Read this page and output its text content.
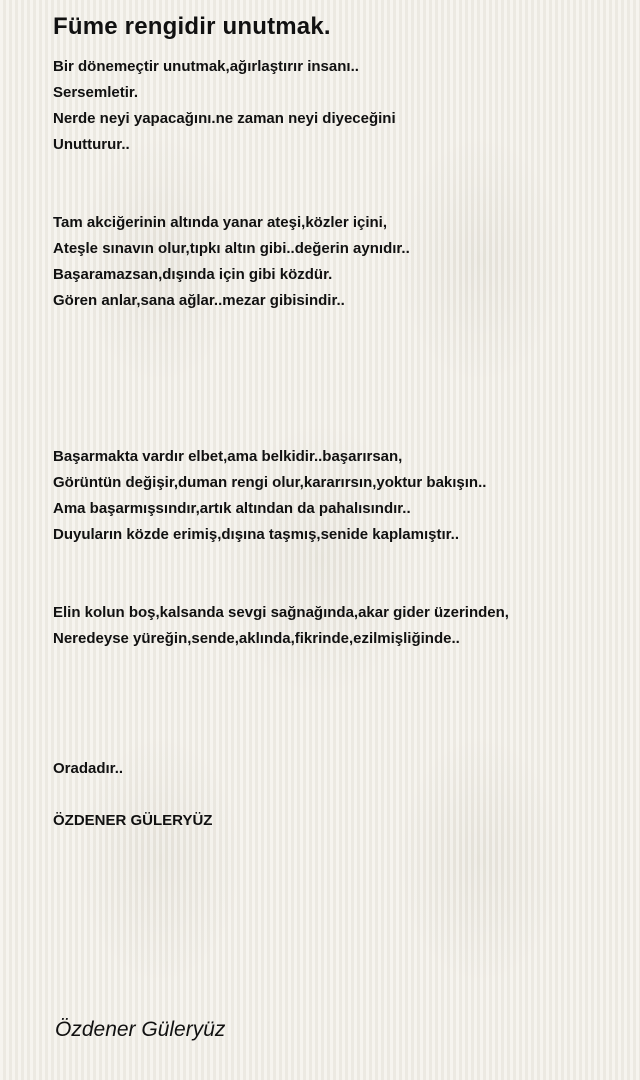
Füme rengidir unutmak.
Bir dönemeçtir unutmak,ağırlaştırır insanı..
Sersemletir.
Nerde neyi yapacağını.ne zaman neyi diyeceğini
Unutturur..
Tam akciğerinin altında yanar ateşi,közler içini,
Ateşle sınavın olur,tıpkı altın gibi..değerin aynıdır..
Başaramazsan,dışında için gibi közdür.
Gören anlar,sana ağlar..mezar gibisindir..
Başarmakta vardır elbet,ama belkidir..başarırsan,
Görüntün değişir,duman rengi olur,kararırsın,yoktur bakışın..
Ama başarmışsındır,artık altından da pahalısındır..
Duyuların közde erimiş,dışına taşmış,senide kaplamıştır..
Elin kolun boş,kalsanda sevgi sağnağında,akar gider üzerinden,
Neredeyse yüreğin,sende,aklında,fikrinde,ezilmişliğinde..
Oradadır..
ÖZDENER GÜLERYÜZ
Özdener Güleryüz
